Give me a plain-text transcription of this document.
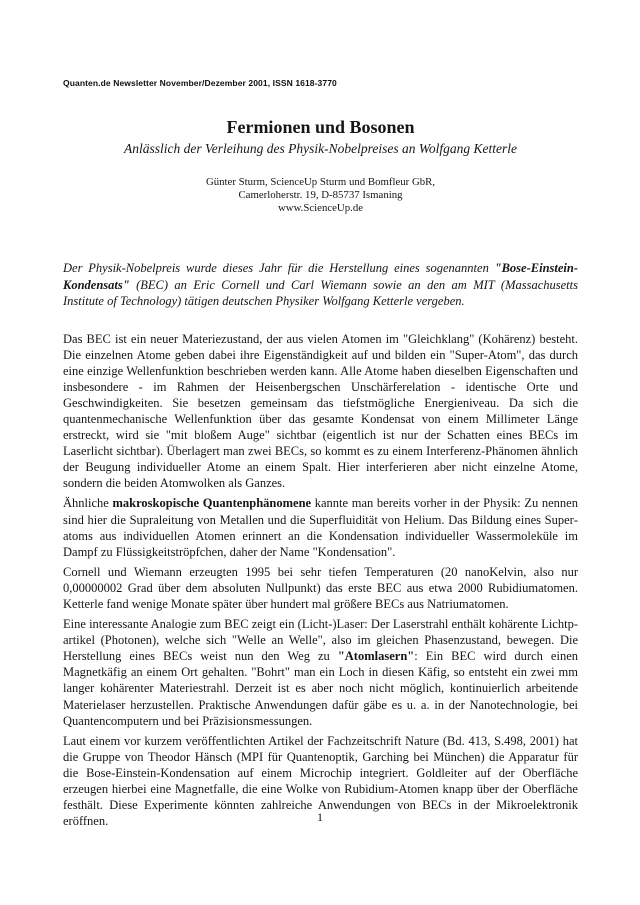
Quanten.de Newsletter November/Dezember 2001, ISSN 1618-3770
Fermionen und Bosonen
Anlässlich der Verleihung des Physik-Nobelpreises an Wolfgang Ketterle
Günter Sturm, ScienceUp Sturm und Bomfleur GbR,
Camerloherstr. 19, D-85737 Ismaning
www.ScienceUp.de

Der Physik-Nobelpreis wurde dieses Jahr für die Herstellung eines sogenannten "Bose-Einstein-Kondensats" (BEC) an Eric Cornell und Carl Wiemann sowie an den am MIT (Massachusetts Institute of Technology) tätigen deutschen Physiker Wolfgang Ketterle vergeben.

Das BEC ist ein neuer Materiezustand, der aus vielen Atomen im "Gleichklang" (Kohärenz) besteht. Die einzelnen Atome geben dabei ihre Eigenständigkeit auf und bilden ein "Super-Atom", das durch eine einzige Wellenfunktion beschrieben werden kann. Alle Atome haben dieselben Eigenschaften und insbesondere - im Rahmen der Heisenbergschen Unschärferelation - identische Orte und Geschwindigkeiten. Sie besetzen gemeinsam das tiefstmögliche Energieniveau. Da sich die quantenmechanische Wellenfunktion über das gesamte Kondensat von einem Millimeter Länge erstreckt, wird sie "mit bloßem Auge" sichtbar (eigentlich ist nur der Schatten eines BECs im Laserlicht sichtbar). Überlagert man zwei BECs, so kommt es zu einem Interferenz-Phänomen ähnlich der Beugung individueller Atome an einem Spalt. Hier interferieren aber nicht einzelne Atome, sondern die beiden Atomwolken als Ganzes.

Ähnliche makroskopische Quantenphänomene kannte man bereits vorher in der Physik: Zu nennen sind hier die Supraleitung von Metallen und die Superfluidität von Helium. Das Bildung eines Superatoms aus individuellen Atomen erinnert an die Kondensation individueller Wassermoleküle im Dampf zu Flüssigkeitströpfchen, daher der Name "Kondensation".

Cornell und Wiemann erzeugten 1995 bei sehr tiefen Temperaturen (20 nanoKelvin, also nur 0,00000002 Grad über dem absoluten Nullpunkt) das erste BEC aus etwa 2000 Rubidiumatomen. Ketterle fand wenige Monate später über hundert mal größere BECs aus Natriumatomen.

Eine interessante Analogie zum BEC zeigt ein (Licht-)Laser: Der Laserstrahl enthält kohärente Lichtpartikel (Photonen), welche sich "Welle an Welle", also im gleichen Phasenzustand, bewegen. Die Herstellung eines BECs weist nun den Weg zu "Atomlasern": Ein BEC wird durch einen Magnetkäfig an einem Ort gehalten. "Bohrt" man ein Loch in diesen Käfig, so entsteht ein zwei mm langer kohärenter Materiestrahl. Derzeit ist es aber noch nicht möglich, kontinuierlich arbeitende Materielaser herzustellen. Praktische Anwendungen dafür gäbe es u. a. in der Nanotechnologie, bei Quantencomputern und bei Präzisionsmessungen.

Laut einem vor kurzem veröffentlichten Artikel der Fachzeitschrift Nature (Bd. 413, S.498, 2001) hat die Gruppe von Theodor Hänsch (MPI für Quantenoptik, Garching bei München) die Apparatur für die Bose-Einstein-Kondensation auf einem Microchip integriert. Goldleiter auf der Oberfläche erzeugen hierbei eine Magnetfalle, die eine Wolke von Rubidium-Atomen knapp über der Oberfläche festhält. Diese Experimente könnten zahlreiche Anwendungen von BECs in der Mikroelektronik eröffnen.	1
